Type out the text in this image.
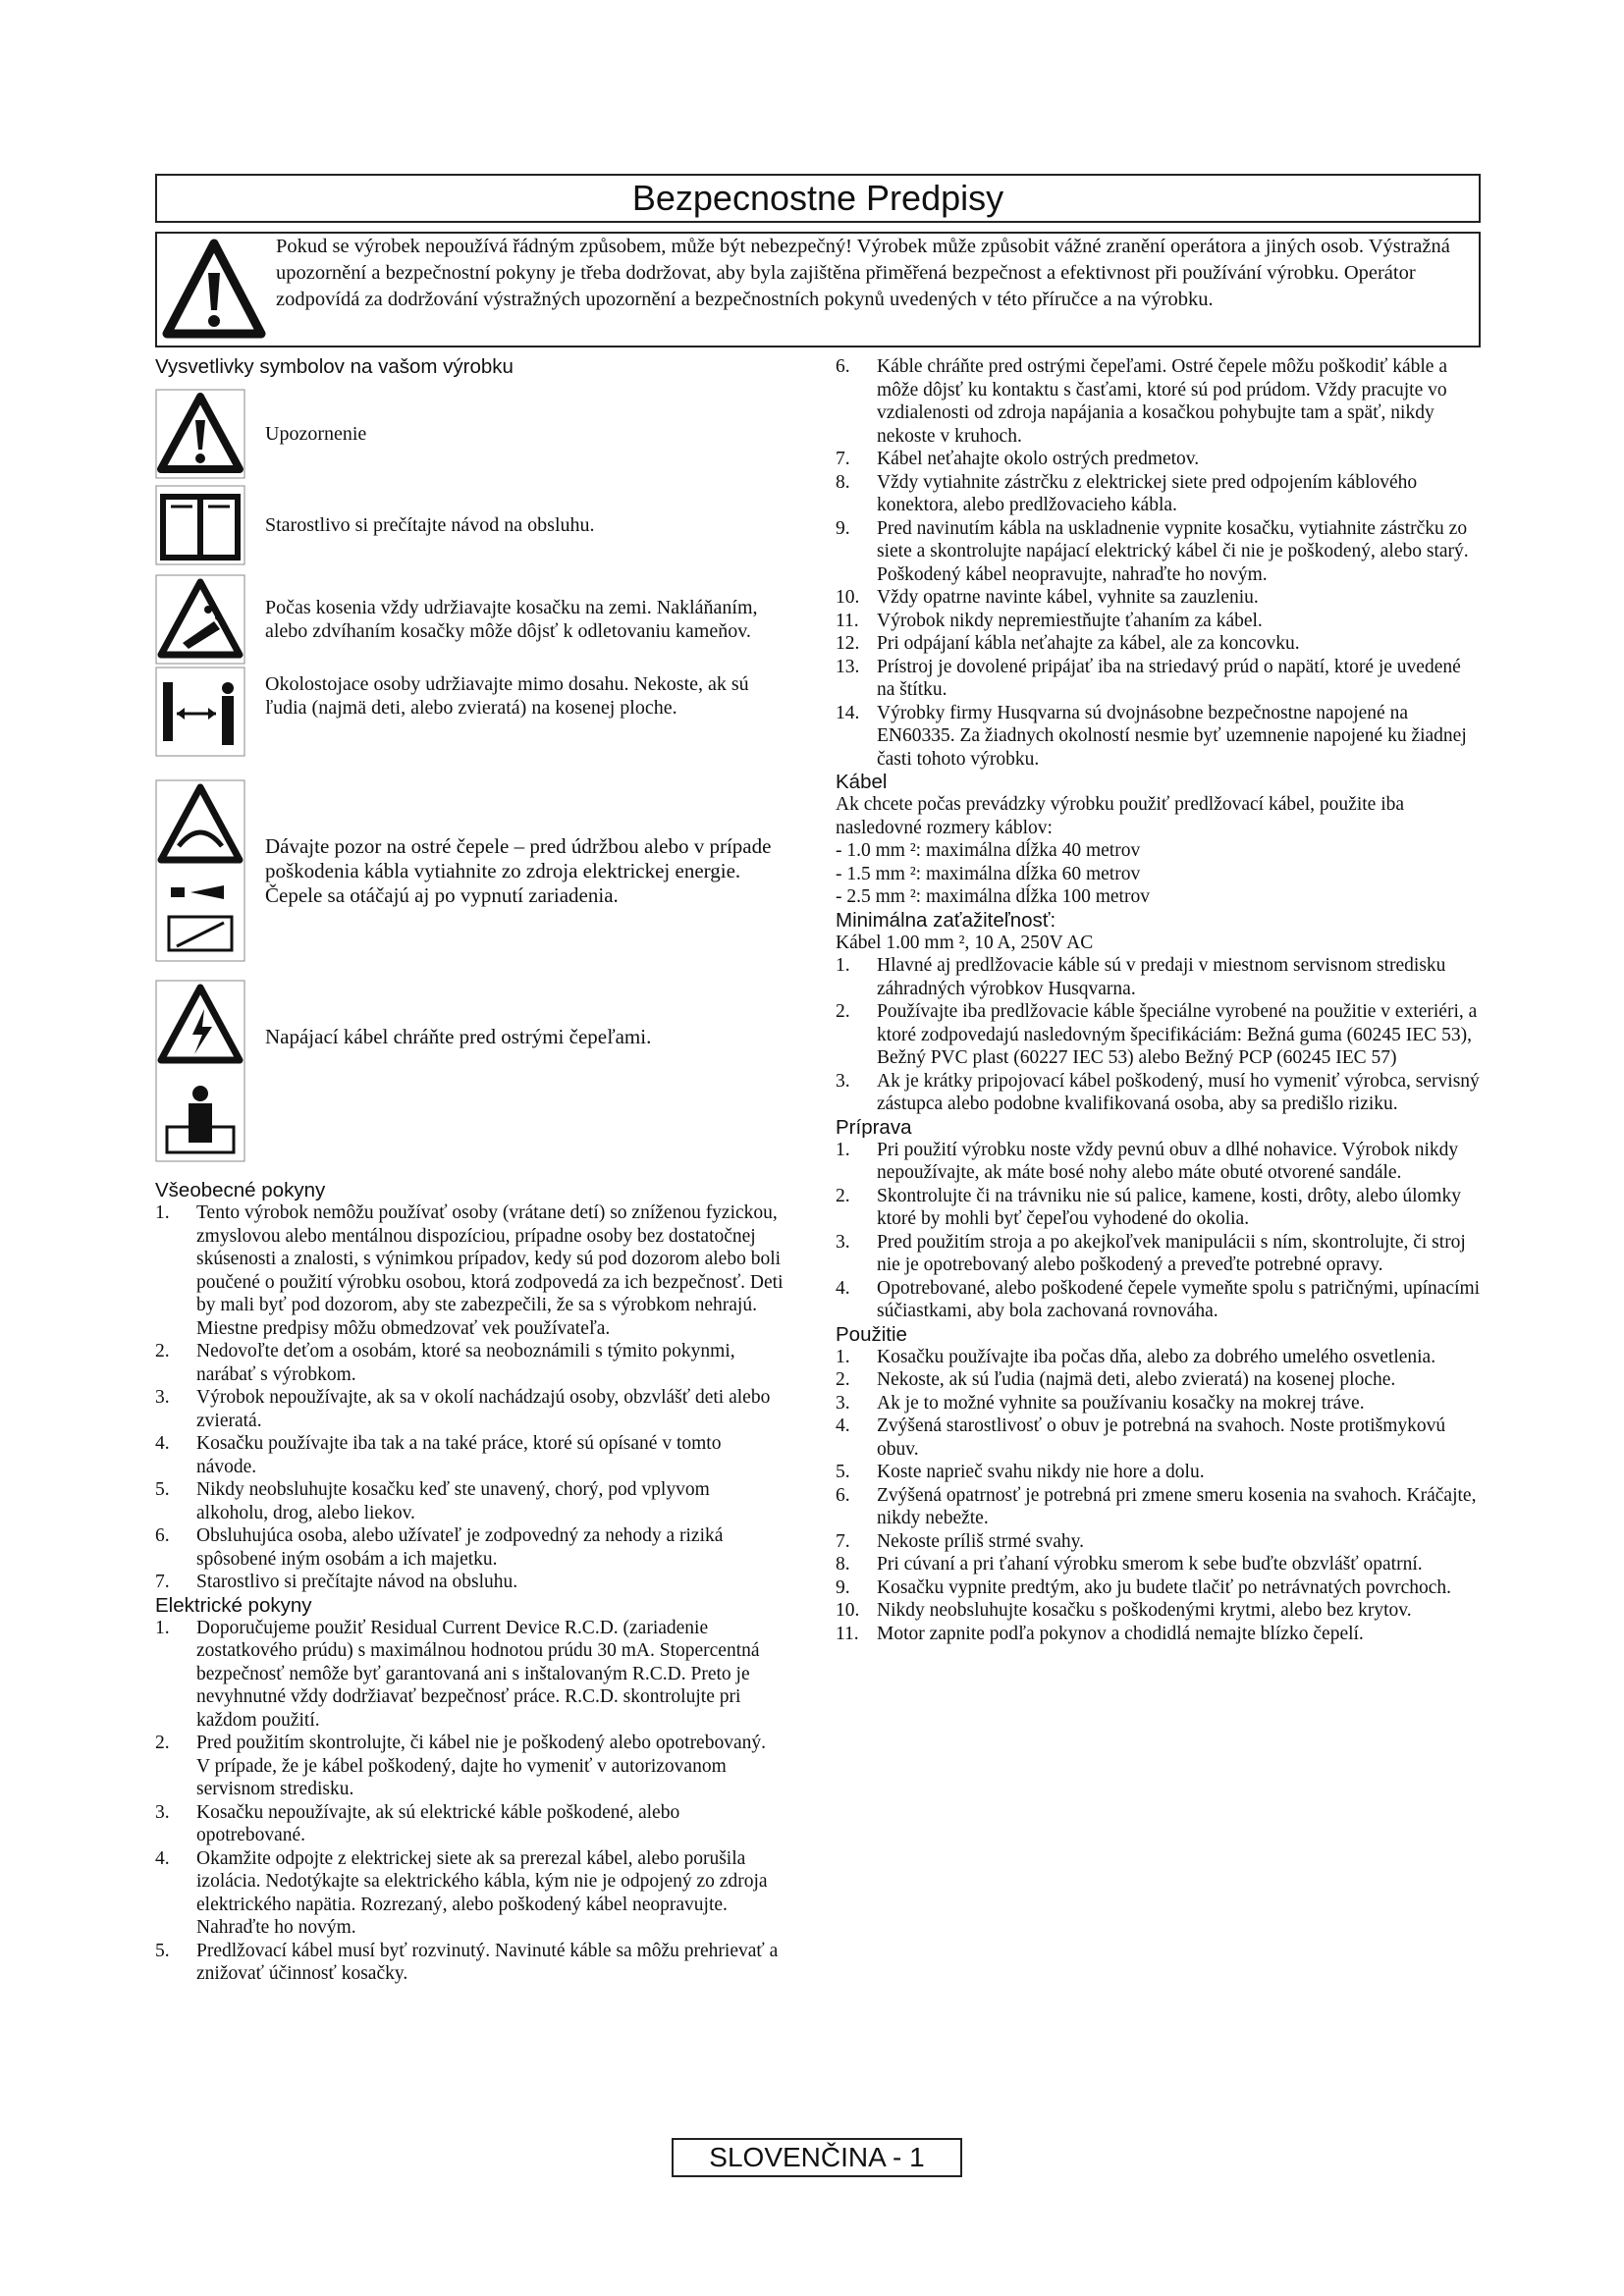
Bezpecnostne Predpisy

Pokud se výrobek nepoužívá řádným způsobem, může být nebezpečný! Výrobek může způsobit vážné zranění operátora a jiných osob. Výstražná upozornění a bezpečnostní pokyny je třeba dodržovat, aby byla zajištěna přiměřená bezpečnost a efektivnost při používání výrobku. Operátor zodpovídá za dodržování výstražných upozornění a bezpečnostních pokynů uvedených v této příručce a na výrobku.

Vysvetlivky symbolov na vašom výrobku
Upozornenie
Starostlivo si prečítajte návod na obsluhu.
Počas kosenia vždy udržiavajte kosačku na zemi. Nakláňaním, alebo zdvíhaním kosačky môže dôjsť k odletovaniu kameňov.
Okolostojace osoby udržiavajte mimo dosahu. Nekoste, ak sú ľudia (najmä deti, alebo zvieratá) na kosenej ploche.
Dávajte pozor na ostré čepele – pred údržbou alebo v prípade poškodenia kábla vytiahnite zo zdroja elektrickej energie. Čepele sa otáčajú aj po vypnutí zariadenia.
Napájací kábel chráňte pred ostrými čepeľami.
Všeobecné pokyny
1.	Tento výrobok nemôžu používať osoby (vrátane detí) so zníženou fyzickou, zmyslovou alebo mentálnou dispozíciou, prípadne osoby bez dostatočnej skúsenosti a znalosti, s výnimkou prípadov, kedy sú pod dozorom alebo boli poučené o použití výrobku osobou, ktorá zodpovedá za ich bezpečnosť. Deti by mali byť pod dozorom, aby ste zabezpečili, že sa s výrobkom nehrajú. Miestne predpisy môžu obmedzovať vek používateľa.
2.	Nedovoľte deťom a osobám, ktoré sa neoboznámili s týmito pokynmi, narábať s výrobkom.
3.	Výrobok nepoužívajte, ak sa v okolí nachádzajú osoby, obzvlášť deti alebo zvieratá.
4.	Kosačku používajte iba tak a na také práce, ktoré sú opísané v tomto návode.
5.	Nikdy neobsluhujte kosačku keď ste unavený, chorý, pod vplyvom alkoholu, drog, alebo liekov.
6.	Obsluhujúca osoba, alebo užívateľ je zodpovedný za nehody a riziká spôsobené iným osobám a ich majetku.
7.	Starostlivo si prečítajte návod na obsluhu.
Elektrické pokyny
1.	Doporučujeme použiť Residual Current Device R.C.D. (zariadenie zostatkového prúdu) s maximálnou hodnotou prúdu 30 mA. Stopercentná bezpečnosť nemôže byť garantovaná ani s inštalovaným R.C.D. Preto je nevyhnutné vždy dodržiavať bezpečnosť práce. R.C.D. skontrolujte pri každom použití.
2.	Pred použitím skontrolujte, či kábel nie je poškodený alebo opotrebovaný. V prípade, že je kábel poškodený, dajte ho vymeniť v autorizovanom servisnom stredisku.
3.	Kosačku nepoužívajte, ak sú elektrické káble poškodené, alebo opotrebované.
4.	Okamžite odpojte z elektrickej siete ak sa prerezal kábel, alebo porušila izolácia. Nedotýkajte sa elektrického kábla, kým nie je odpojený zo zdroja elektrického napätia. Rozrezaný, alebo poškodený kábel neopravujte. Nahraďte ho novým.
5.	Predlžovací kábel musí byť rozvinutý. Navinuté káble sa môžu prehrievať a znižovať účinnosť kosačky.
6.	Káble chráňte pred ostrými čepeľami. Ostré čepele môžu poškodiť káble a môže dôjsť ku kontaktu s časťami, ktoré sú pod prúdom. Vždy pracujte vo vzdialenosti od zdroja napájania a kosačkou pohybujte tam a späť, nikdy nekoste v kruhoch.
7.	Kábel neťahajte okolo ostrých predmetov.
8.	Vždy vytiahnite zástrčku z elektrickej siete pred odpojením káblového konektora, alebo predlžovacieho kábla.
9.	Pred navinutím kábla na uskladnenie vypnite kosačku, vytiahnite zástrčku zo siete a skontrolujte napájací elektrický kábel či nie je poškodený, alebo starý. Poškodený kábel neopravujte, nahraďte ho novým.
10. Vždy opatrne navinte kábel, vyhnite sa zauzleniu.
11. Výrobok nikdy nepremiestňujte ťahaním za kábel.
12. Pri odpájaní kábla neťahajte za kábel, ale za koncovku.
13. Prístroj je dovolené pripájať iba na striedavý prúd o napätí, ktoré je uvedené na štítku.
14. Výrobky firmy Husqvarna sú dvojnásobne bezpečnostne napojené na EN60335. Za žiadnych okolností nesmie byť uzemnenie napojené ku žiadnej časti tohoto výrobku.
Kábel

Ak chcete počas prevádzky výrobku použiť predlžovací kábel, použite iba nasledovné rozmery káblov:

- 1.0 mm ²: maximálna dĺžka 40 metrov
- 1.5 mm ²: maximálna dĺžka 60 metrov
- 2.5 mm ²: maximálna dĺžka 100 metrov
Minimálna zaťažiteľnosť:

Kábel 1.00 mm ², 10 A, 250V AC

1.	Hlavné aj predlžovacie káble sú v predaji v miestnom servisnom stredisku záhradných výrobkov Husqvarna.
2.	Používajte iba predlžovacie káble špeciálne vyrobené na použitie v exteriéri, a ktoré zodpovedajú nasledovným špecifikáciám: Bežná guma (60245 IEC 53), Bežný PVC plast (60227 IEC 53) alebo Bežný PCP (60245 IEC 57)
3.	Ak je krátky pripojovací kábel poškodený, musí ho vymeniť výrobca, servisný zástupca alebo podobne kvalifikovaná osoba, aby sa predišlo riziku.
Príprava
1.	Pri použití výrobku noste vždy pevnú obuv a dlhé nohavice. Výrobok nikdy nepoužívajte, ak máte bosé nohy alebo máte obuté otvorené sandále.
2.	Skontrolujte či na trávniku nie sú palice, kamene, kosti, drôty, alebo úlomky ktoré by mohli byť čepeľou vyhodené do okolia.
3.	Pred použitím stroja a po akejkoľvek manipulácii s ním, skontrolujte, či stroj nie je opotrebovaný alebo poškodený a preveďte potrebné opravy.
4.	Opotrebované, alebo poškodené čepele vymeňte spolu s patričnými, upínacími súčiastkami, aby bola zachovaná rovnováha.
Použitie
1.	Kosačku používajte iba počas dňa, alebo za dobrého umelého osvetlenia.
2.	Nekoste, ak sú ľudia (najmä deti, alebo zvieratá) na kosenej ploche.
3.	Ak je to možné vyhnite sa používaniu kosačky na mokrej tráve.
4.	Zvýšená starostlivosť o obuv je potrebná na svahoch. Noste protišmykovú obuv.
5.	Koste naprieč svahu nikdy nie hore a dolu.
6.	Zvýšená opatrnosť je potrebná pri zmene smeru kosenia na svahoch. Kráčajte, nikdy nebežte.
7.	Nekoste príliš strmé svahy.
8.	Pri cúvaní a pri ťahaní výrobku smerom k sebe buďte obzvlášť opatrní.
9.	Kosačku vypnite predtým, ako ju budete tlačiť po netrávnatých povrchoch.
10. Nikdy neobsluhujte kosačku s poškodenými krytmi, alebo bez krytov.
11. Motor zapnite podľa pokynov a chodidlá nemajte blízko čepelí.
SLOVENČINA - 1
